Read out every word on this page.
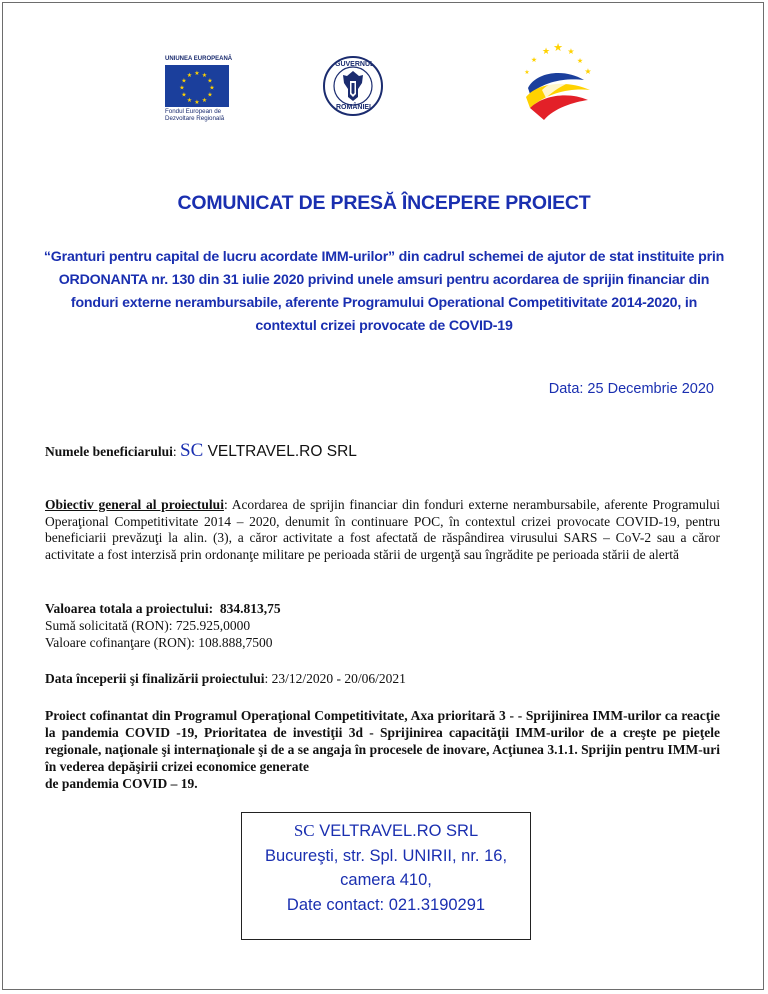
UNIUNEA EUROPEANĂ
★ ★
★
★
★
★
★
★
★
★
★
★
Fondul European de
Dezvoltare Regională
GUVERNUL
ROMÂNIEI
★ ★ ★
★	★
★	★
COMUNICAT DE PRESĂ ÎNCEPERE PROIECT
“Granturi pentru capital de lucru acordate IMM-urilor” din cadrul schemei de ajutor de stat instituite prin ORDONANTA nr. 130 din 31 iulie 2020 privind unele amsuri pentru acordarea de sprijin financiar din fonduri externe nerambursabile, aferente Programului Operational Competitivitate 2014-2020, in contextul crizei provocate de COVID-19
Data: 25 Decembrie 2020
Numele beneficiarului: SC VELTRAVEL.RO SRL
Obiectiv general al proiectului: Acordarea de sprijin financiar din fonduri externe nerambursabile, aferente Programului Operaţional Competitivitate 2014 – 2020, denumit în continuare POC, în contextul crizei provocate COVID-19, pentru beneficiarii prevăzuţi la alin. (3), a căror activitate a fost afectată de răspândirea virusului SARS – CoV-2 sau a căror activitate a fost interzisă prin ordonanţe militare pe perioada stării de urgenţă sau îngrădite pe perioada stării de alertă
Valoarea totala a proiectului:  834.813,75
Sumă solicitată (RON): 725.925,0000
Valoare cofinanţare (RON): 108.888,7500
Data începerii şi finalizării proiectului: 23/12/2020 - 20/06/2021
Proiect cofinantat din Programul Operaţional Competitivitate, Axa prioritară 3 - - Sprijinirea IMM-urilor ca reacţie la pandemia COVID -19, Prioritatea de investiţii 3d - Sprijinirea capacităţii IMM-urilor de a creşte pe pieţele regionale, naţionale şi internaţionale şi de a se angaja în procesele de inovare, Acţiunea 3.1.1. Sprijin pentru IMM-uri în vederea depăşirii crizei economice generate
de pandemia COVID – 19.
SC VELTRAVEL.RO SRL
Bucureşti, str. Spl. UNIRII, nr. 16,
camera 410,
Date contact: 021.3190291
